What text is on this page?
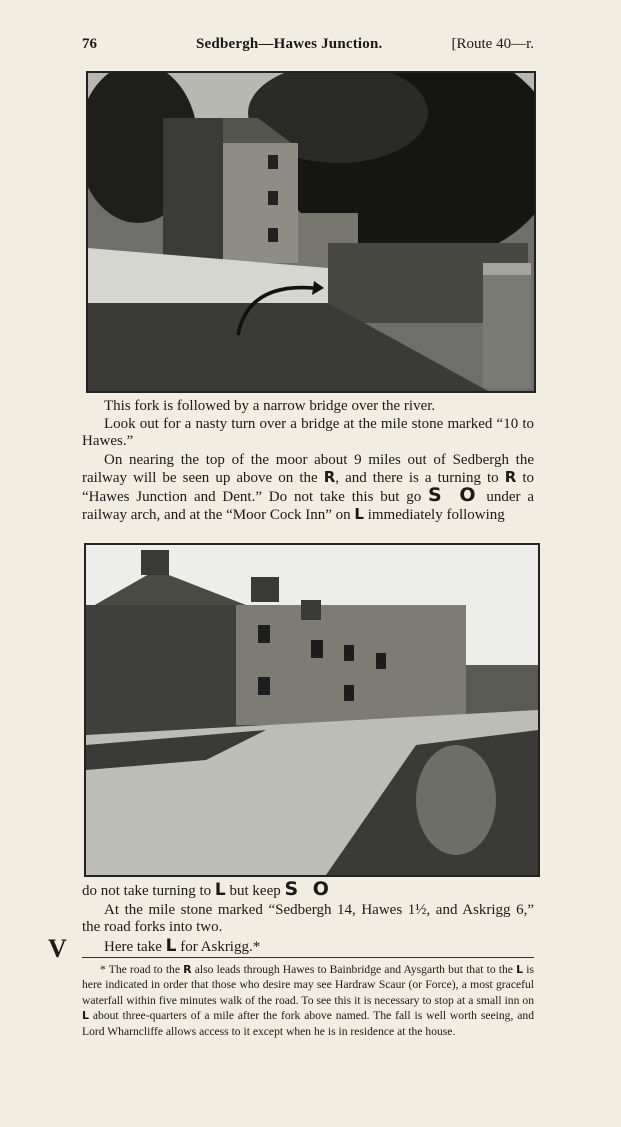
76	Sedbergh—Hawes Junction.	[Route 40—r.
This fork is followed by a narrow bridge over the river.
Look out for a nasty turn over a bridge at the mile stone marked “10 to Hawes.”
On nearing the top of the moor about 9 miles out of Sedbergh the railway will be seen up above on the R, and there is a turning to R to “Hawes Junction and Dent.” Do not take this but go S O under a railway arch, and at the “Moor Cock Inn” on L immediately following
do not take turning to L but keep S O
At the mile stone marked “Sedbergh 14, Hawes 1½, and Askrigg 6,” the road forks into two.
V	Here take L for Askrigg.*
* The road to the R also leads through Hawes to Bainbridge and Aysgarth but that to the L is here indicated in order that those who desire may see Hardraw Scaur (or Force), a most graceful waterfall within five minutes walk of the road. To see this it is necessary to stop at a small inn on L about three-quarters of a mile after the fork above named. The fall is well worth seeing, and Lord Wharncliffe allows access to it except when he is in residence at the house.
